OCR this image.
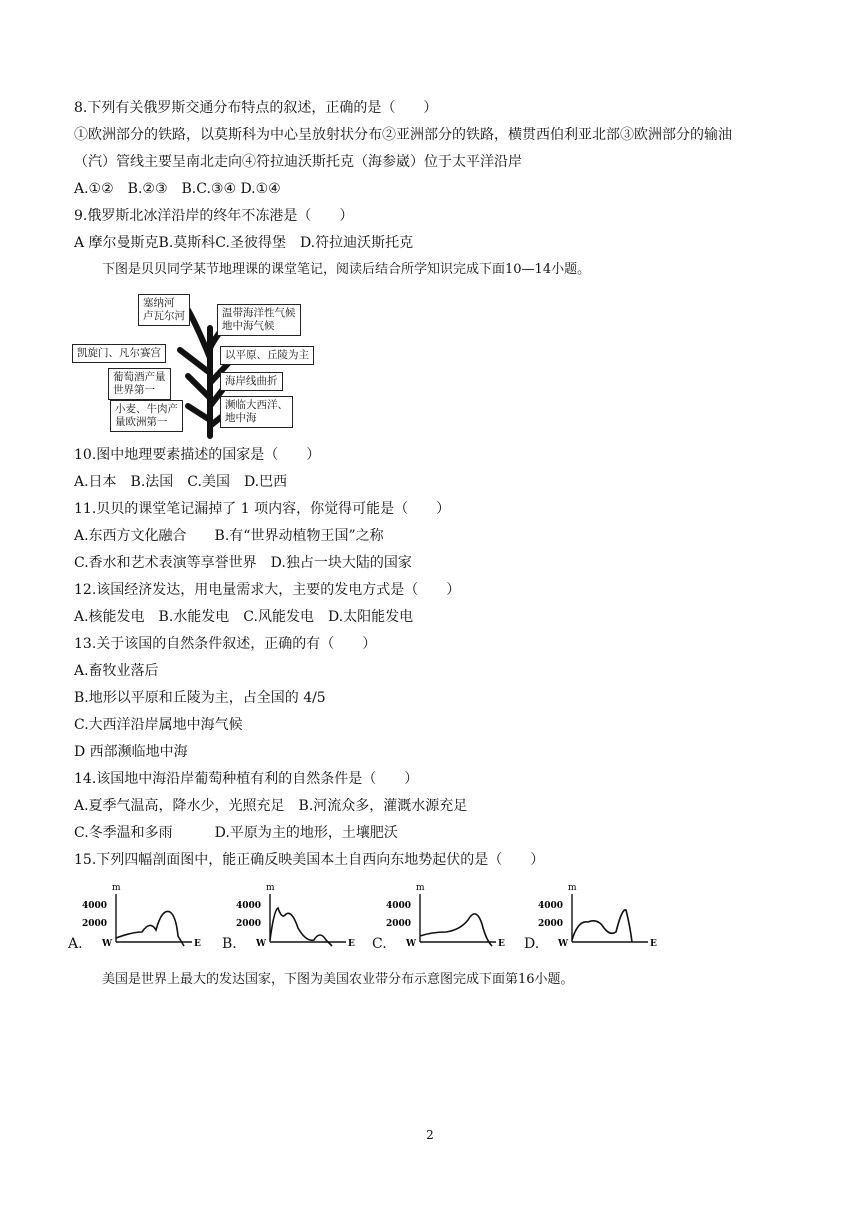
8.下列有关俄罗斯交通分布特点的叙述，正确的是（　　）
①欧洲部分的铁路，以莫斯科为中心呈放射状分布②亚洲部分的铁路，横贯西伯利亚北部③欧洲部分的输油
（汽）管线主要呈南北走向④符拉迪沃斯托克（海参崴）位于太平洋沿岸
A.①②　B.②③　B.C.③④ D.①④
9.俄罗斯北冰洋沿岸的终年不冻港是（　　）
A 摩尔曼斯克B.莫斯科C.圣彼得堡　D.符拉迪沃斯托克
下图是贝贝同学某节地理课的课堂笔记，阅读后结合所学知识完成下面10—14小题。
塞纳河
卢瓦尔河	温带海洋性气候
地中海气候
凯旋门、凡尔赛宫	以平原、丘陵为主
葡萄酒产量
世界第一
海岸线曲折
小麦、牛肉产
量欧洲第一
濒临大西洋、
地中海
10.图中地理要素描述的国家是（　　）
A.日本　B.法国　C.美国　D.巴西
11.贝贝的课堂笔记漏掉了 1 项内容，你觉得可能是（　　）
A.东西方文化融合　　B.有“世界动植物王国”之称
C.香水和艺术表演等享誉世界　D.独占一块大陆的国家
12.该国经济发达，用电量需求大，主要的发电方式是（　　）
A.核能发电　B.水能发电　C.风能发电　D.太阳能发电
13.关于该国的自然条件叙述，正确的有（　　）
A.畜牧业落后
B.地形以平原和丘陵为主，占全国的 4/5
C.大西洋沿岸属地中海气候
D 西部濒临地中海
14.该国地中海沿岸葡萄种植有利的自然条件是（　　）
A.夏季气温高，降水少，光照充足　B.河流众多，灌溉水源充足
C.冬季温和多雨　　　D.平原为主的地形，土壤肥沃
15.下列四幅剖面图中，能正确反映美国本土自西向东地势起伏的是（　　）
A.
m
4000
2000
W	E B.
m
4000
2000
W	E C.
m
4000
2000
W	E D.
m
4000
2000
W	E
美国是世界上最大的发达国家，下图为美国农业带分布示意图完成下面第16小题。
2
